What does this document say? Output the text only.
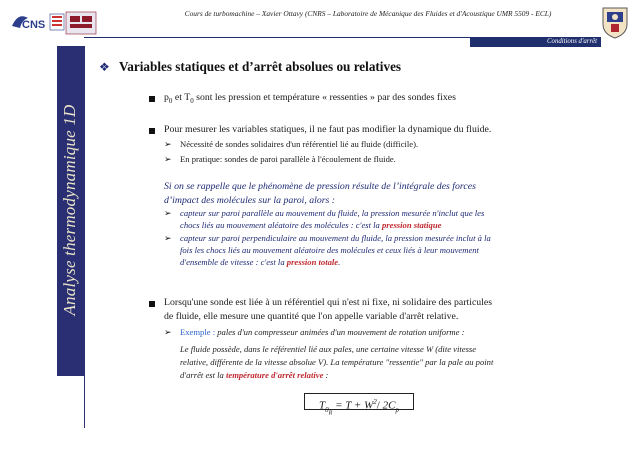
CNS
Cours de turbomachine – Xavier Ottavy (CNRS – Laboratoire de Mécanique des Fluides et d'Acoustique UMR 5509 - ECL)
Conditions d'arrêt
Analyse thermodynamique 1D
❖ Variables statiques et d’arrêt absolues ou relatives
$p_0$ et $T_0$ sont les pression et température « ressenties » par des sondes fixes
Pour mesurer les variables statiques, il ne faut pas modifier la dynamique du fluide.
➢ Nécessité de sondes solidaires d'un référentiel lié au fluide (difficile).
➢ En pratique: sondes de paroi parallèle à l'écoulement de fluide.
Si on se rappelle que le phénomène de pression résulte de l’intégrale des forces
d’impact des molécules sur la paroi, alors :
➢ capteur sur paroi parallèle au mouvement du fluide, la pression mesurée n'inclut que les
chocs liés au mouvement aléatoire des molécules : c'est la pression statique
➢ capteur sur paroi perpendiculaire au mouvement du fluide, la pression mesurée inclut à la
fois les chocs liés au mouvement aléatoire des molécules et ceux liés à leur mouvement
d'ensemble de vitesse : c'est la pression totale.
Lorsqu'une sonde est liée à un référentiel qui n'est ni fixe, ni solidaire des particules
de fluide, elle mesure une quantité que l'on appelle variable d'arrêt relative.
➢ Exemple : pales d'un compresseur animées d'un mouvement de rotation uniforme :
Le fluide possède, dans le référentiel lié aux pales, une certaine vitesse W (dite vitesse
relative, différente de la vitesse absolue V). La température "ressentie" par la pale au point
d'arrêt est la température d'arrêt relative :
$T_{0_R} = T + W^2/$ $2C_p$
